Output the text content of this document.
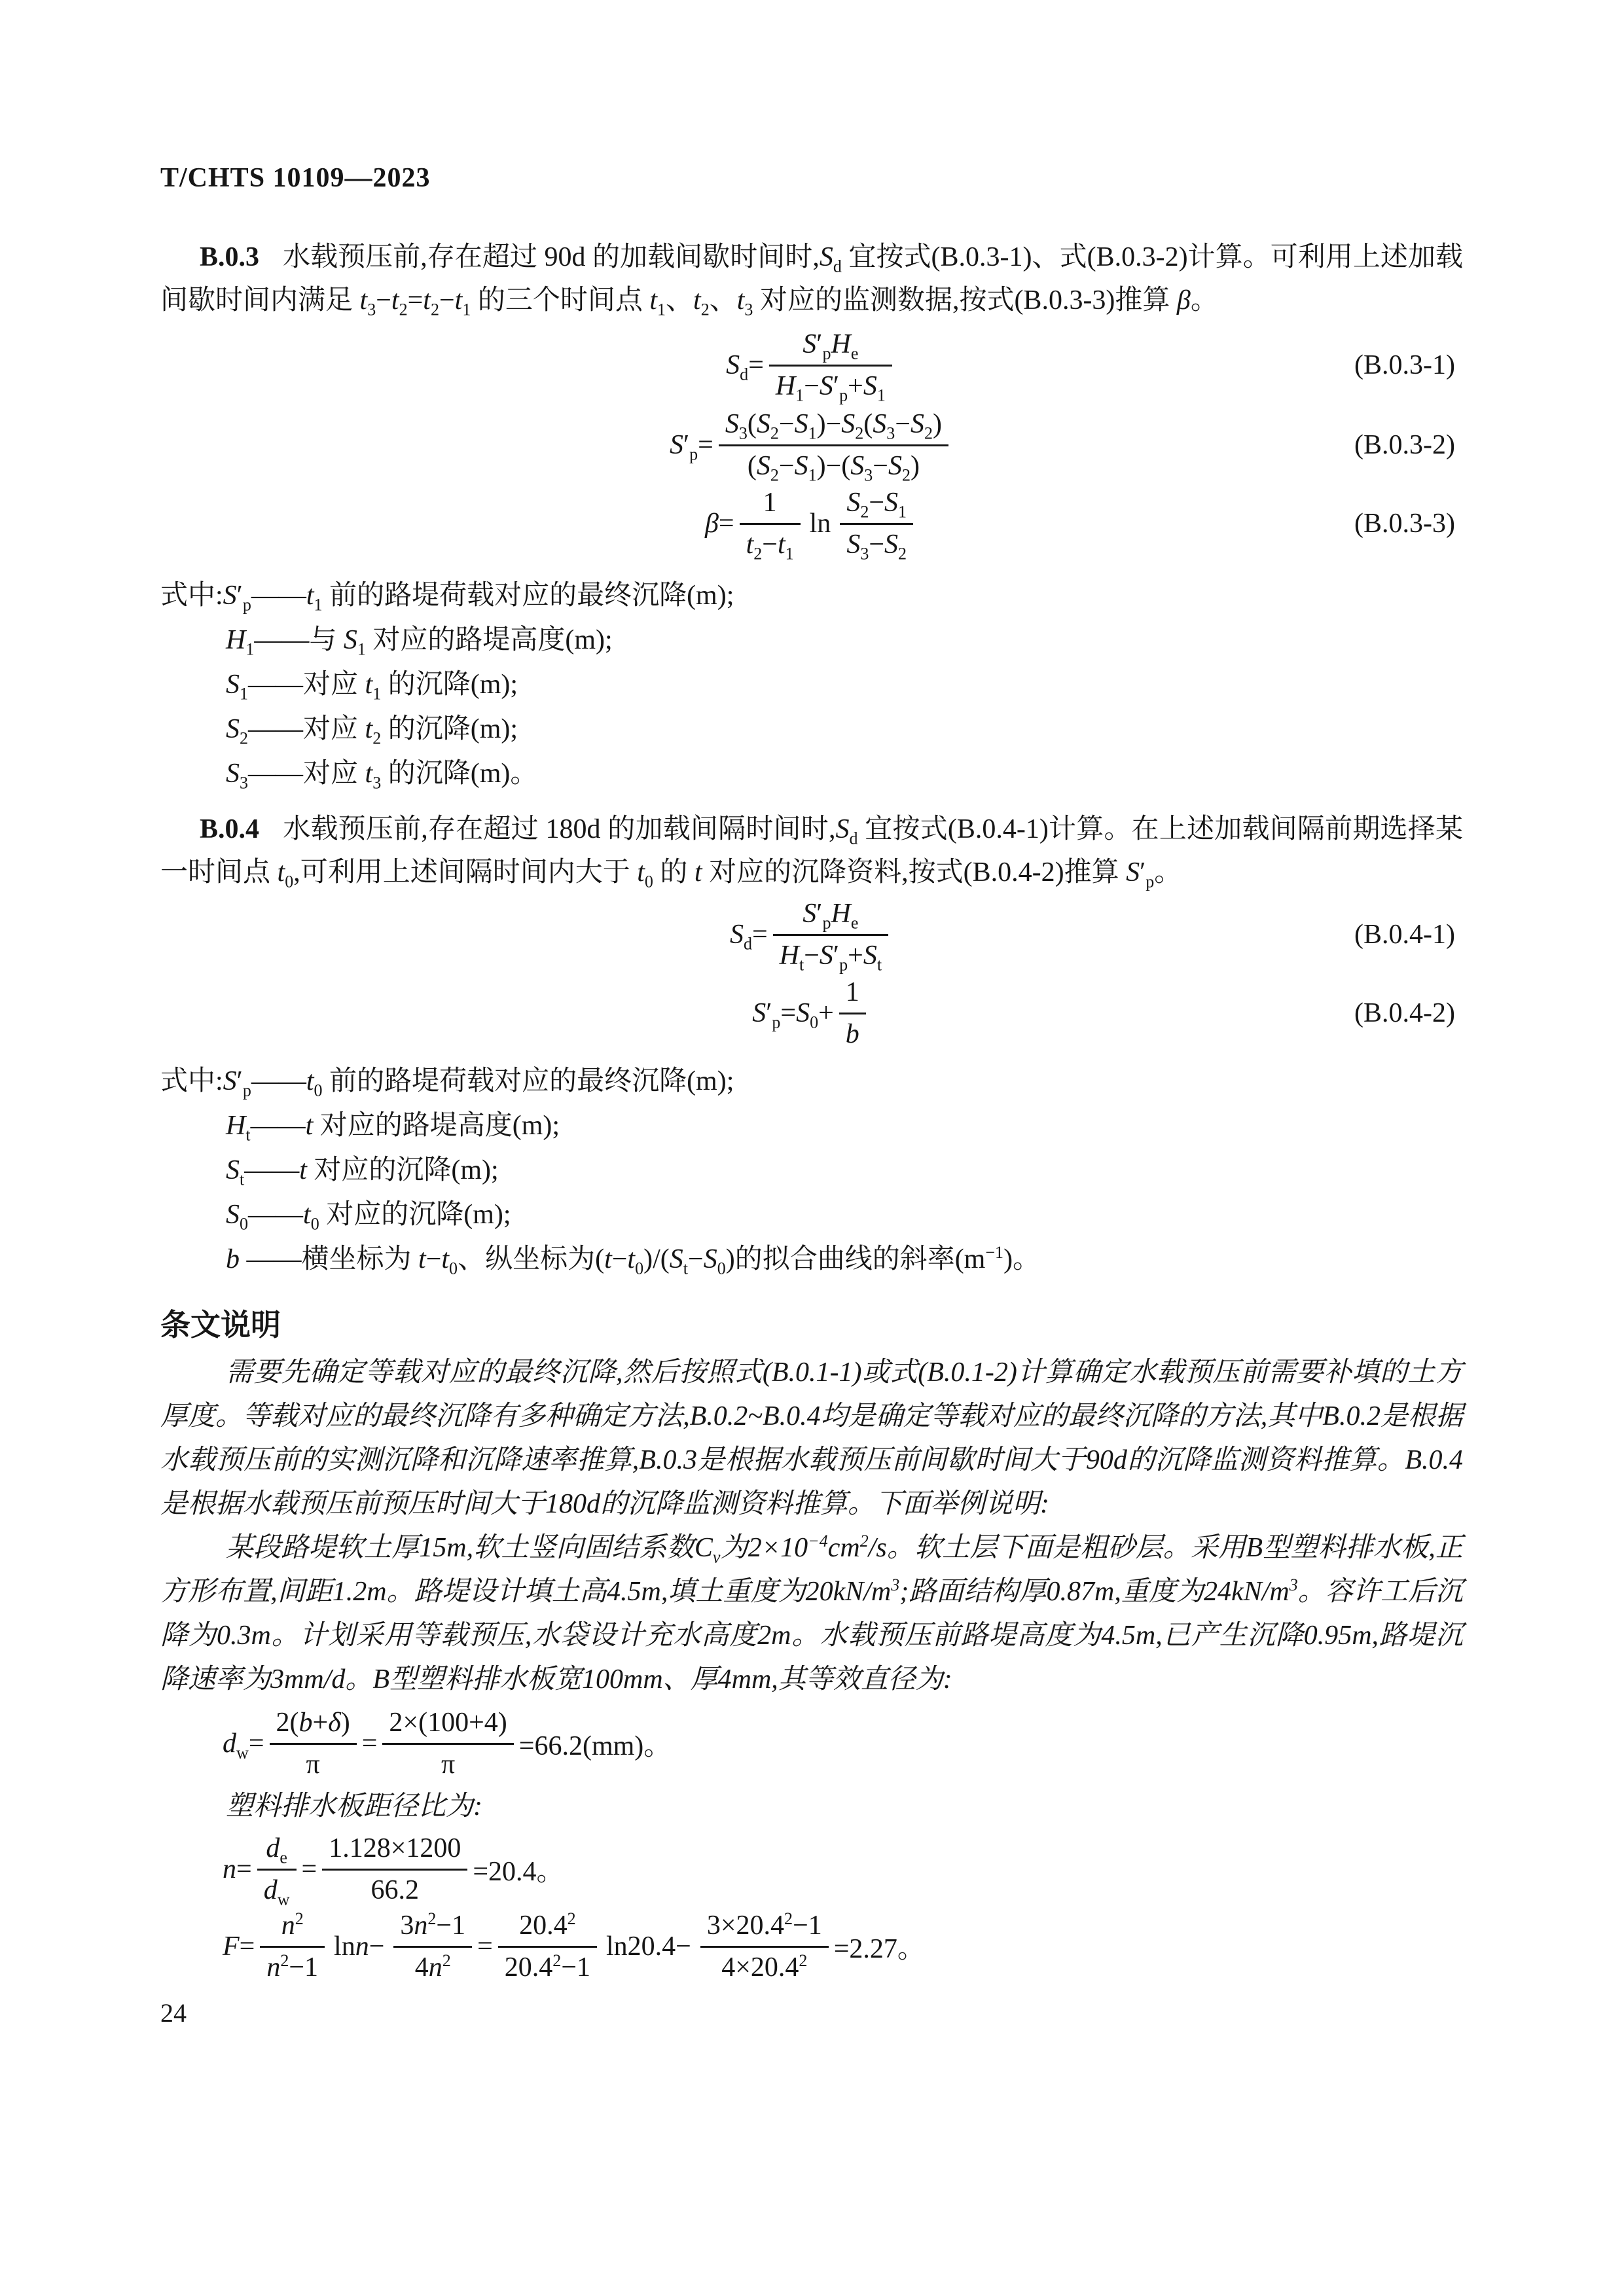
T/CHTS 10109—2023
B.0.3 水载预压前,存在超过 90d 的加载间歇时间时$,S_d$ 宜按式(B.0.3-1)、式(B.0.3-2)计算。可利用上述加载间歇时间内满足 $t_3-t_2=t_2-t_1$ 的三个时间点 $t_1$、$t_2$、$t_3$ 对应的监测数据,按式(B.0.3-3)推算 β。
$S_d= \frac{S'_pH_e}{H_1-S'_p+S_1}$	(B.0.3-1)
$S'_p= \frac{S_3(S_2-S_1)-S_2(S_3-S_2)}{(S_2-S_1)-(S_3-S_2)}$	(B.0.3-2)
$\beta= \frac{1}{t_2-t_1}$ $\ln \frac{S_2-S_1}{S_3-S_2}$	(B.0.3-3)
式中$:S'_p——t_1$ 前的路堤荷载对应的最终沉降(m);
$H_1——$与 $S_1$ 对应的路堤高度(m);
$S_1——$对应 $t_1$ 的沉降(m);
$S_2——$对应 $t_2$ 的沉降(m);
$S_3——$对应 $t_3$ 的沉降(m)。
B.0.4 水载预压前,存在超过 180d 的加载间隔时间时$,S_d$ 宜按式(B.0.4-1)计算。在上述加载间隔前期选择某一时间点 $t_0$,可利用上述间隔时间内大于 $t_0$ 的 t 对应的沉降资料,按式(B.0.4-2)推算 $S'_p$。
$S_d= \frac{S'_pH_e}{H_t-S'_p+S_t}$	(B.0.4-1)
$S'_p=S_0+ \frac{1}{b}$	(B.0.4-2)
式中$:S'_p——t_0$ 前的路堤荷载对应的最终沉降(m);
$H_t——t$ 对应的路堤高度(m);
$S_t——t$ 对应的沉降(m);
$S_0——t_0$ 对应的沉降(m);
b ——横坐标为 $t-t_0$、纵坐标为$(t-t_0)/(S_t-S_0)$的拟合曲线的斜率$(m^{-1})$。
条文说明
需要先确定等载对应的最终沉降,然后按照式(B.0.1-1)或式(B.0.1-2)计算确定水载预压前需要补填的土方厚度。等载对应的最终沉降有多种确定方法,B.0.2~B.0.4均是确定等载对应的最终沉降的方法,其中B.0.2是根据水载预压前的实测沉降和沉降速率推算,B.0.3是根据水载预压前间歇时间大于90d的沉降监测资料推算。B.0.4是根据水载预压前预压时间大于180d的沉降监测资料推算。下面举例说明:
某段路堤软土厚15m,软土竖向固结系数$C_v$为$2\times 10^{-4}cm^2/s$。软土层下面是粗砂层。采用B型塑料排水板,正方形布置,间距1.2m。路堤设计填土高4.5m,填土重度为$20kN/m^3$;路面结构厚0.87m,重度为$24kN/m^3$。容许工后沉降为0.3m。计划采用等载预压,水袋设计充水高度2m。水载预压前路堤高度为4.5m,已产生沉降0.95m,路堤沉降速率为3mm/d。B型塑料排水板宽100mm、厚4mm,其等效直径为:
$d_w= \frac{2(b+\delta)}{\pi} = \frac{2\times(100+4)}{\pi} =66.2(mm)$。
塑料排水板距径比为:
$n= \frac{d_e}{d_w} = \frac{1.128\times 1200}{66.2} =20.4$。
$F= \frac{n^2}{n^2-1} \ln n- \frac{3n^2-1}{4n^2} = \frac{20.4^2}{20.4^2-1} \ln 20.4- \frac{3\times 20.4^2-1}{4\times 20.4^2} =2.27$。
24
